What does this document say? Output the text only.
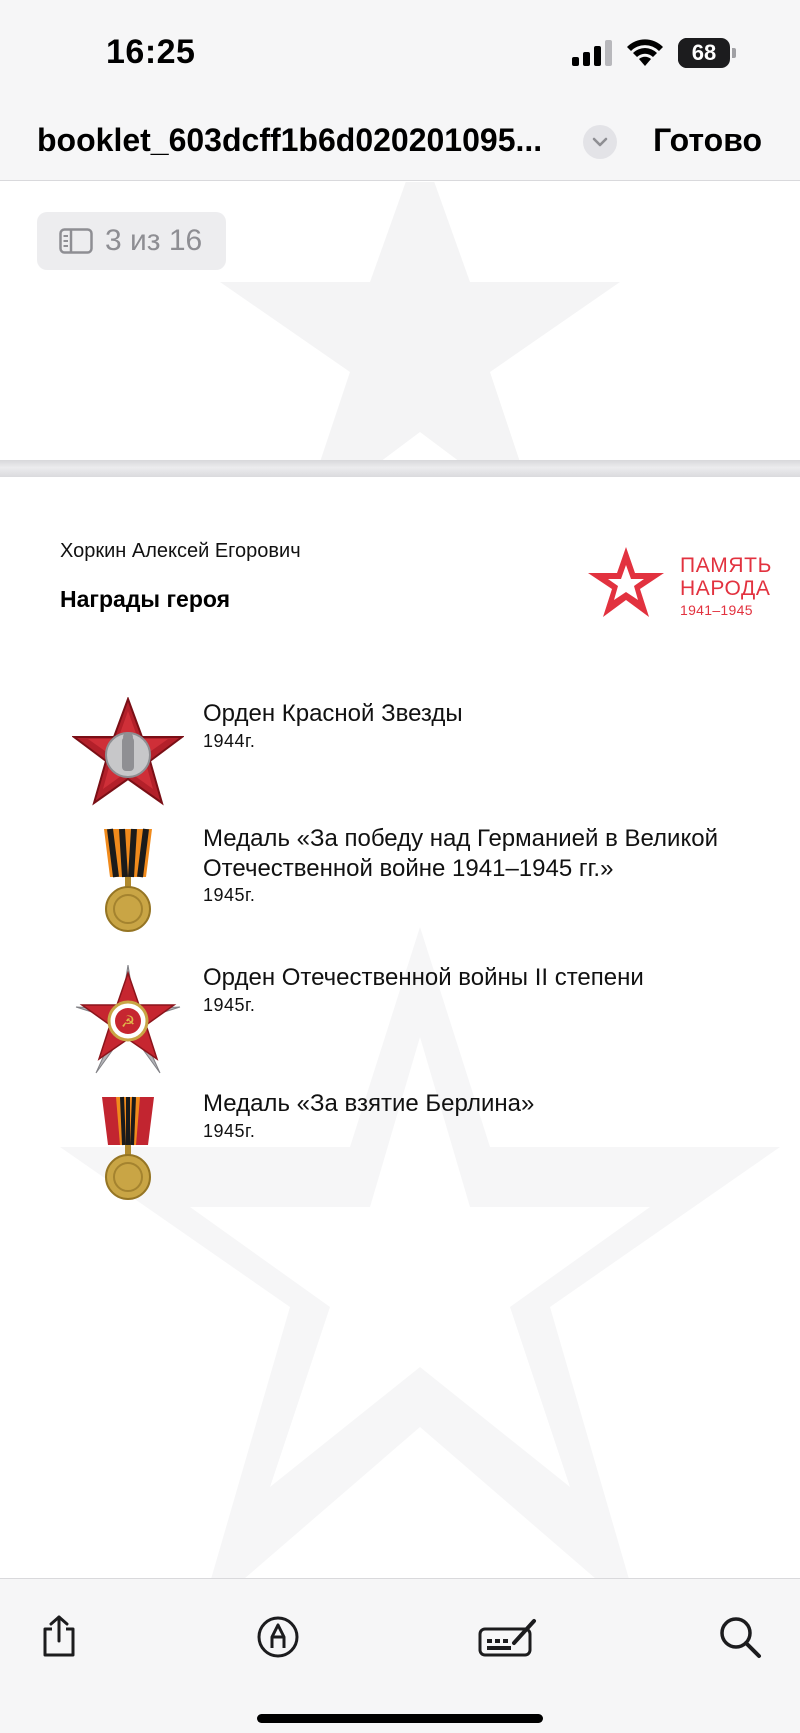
16:25	68
booklet_603dcff1b6d020201095...	Готово
3 из 16
Хоркин Алексей Егорович
Награды героя
ПАМЯТЬ
НАРОДА
1941–1945
Орден Красной Звезды
1944г.
Медаль «За победу над Германией в Великой Отечественной войне 1941–1945 гг.»
1945г.
☭
Орден Отечественной войны II степени
1945г.
Медаль «За взятие Берлина»
1945г.
